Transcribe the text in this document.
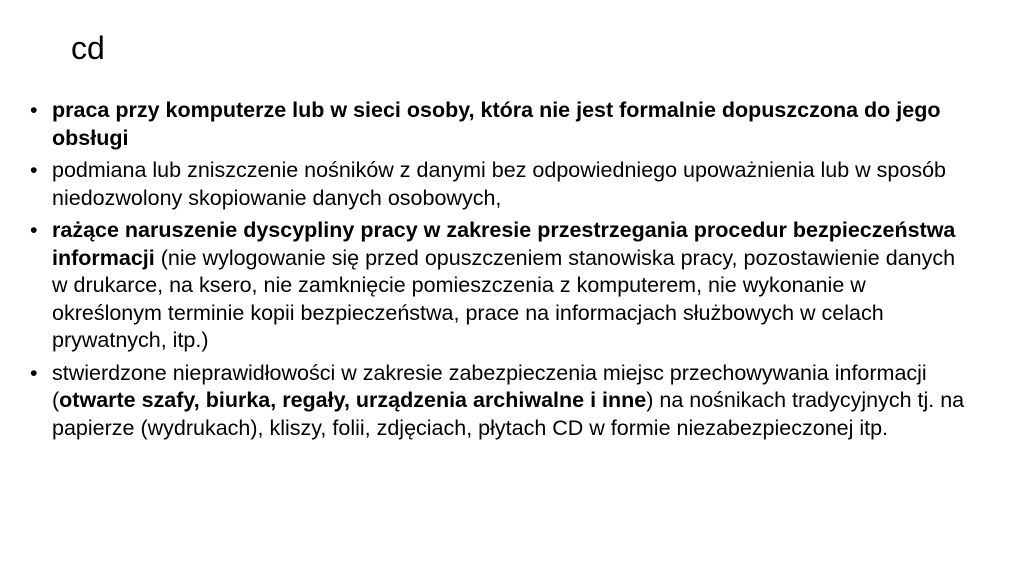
cd
• praca przy komputerze lub w sieci osoby, która nie jest formalnie dopuszczona do jego obsługi
• podmiana lub zniszczenie nośników z danymi bez odpowiedniego upoważnienia lub w sposób niedozwolony skopiowanie danych osobowych,
• rażące naruszenie dyscypliny pracy w zakresie przestrzegania procedur bezpieczeństwa informacji (nie wylogowanie się przed opuszczeniem stanowiska pracy, pozostawienie danych w drukarce, na ksero, nie zamknięcie pomieszczenia z komputerem, nie wykonanie w określonym terminie kopii bezpieczeństwa, prace na informacjach służbowych w celach prywatnych, itp.)
• stwierdzone nieprawidłowości w zakresie zabezpieczenia miejsc przechowywania informacji (otwarte szafy, biurka, regały, urządzenia archiwalne i inne) na nośnikach tradycyjnych tj. na papierze (wydrukach), kliszy, folii, zdjęciach, płytach CD w formie niezabezpieczonej itp.
